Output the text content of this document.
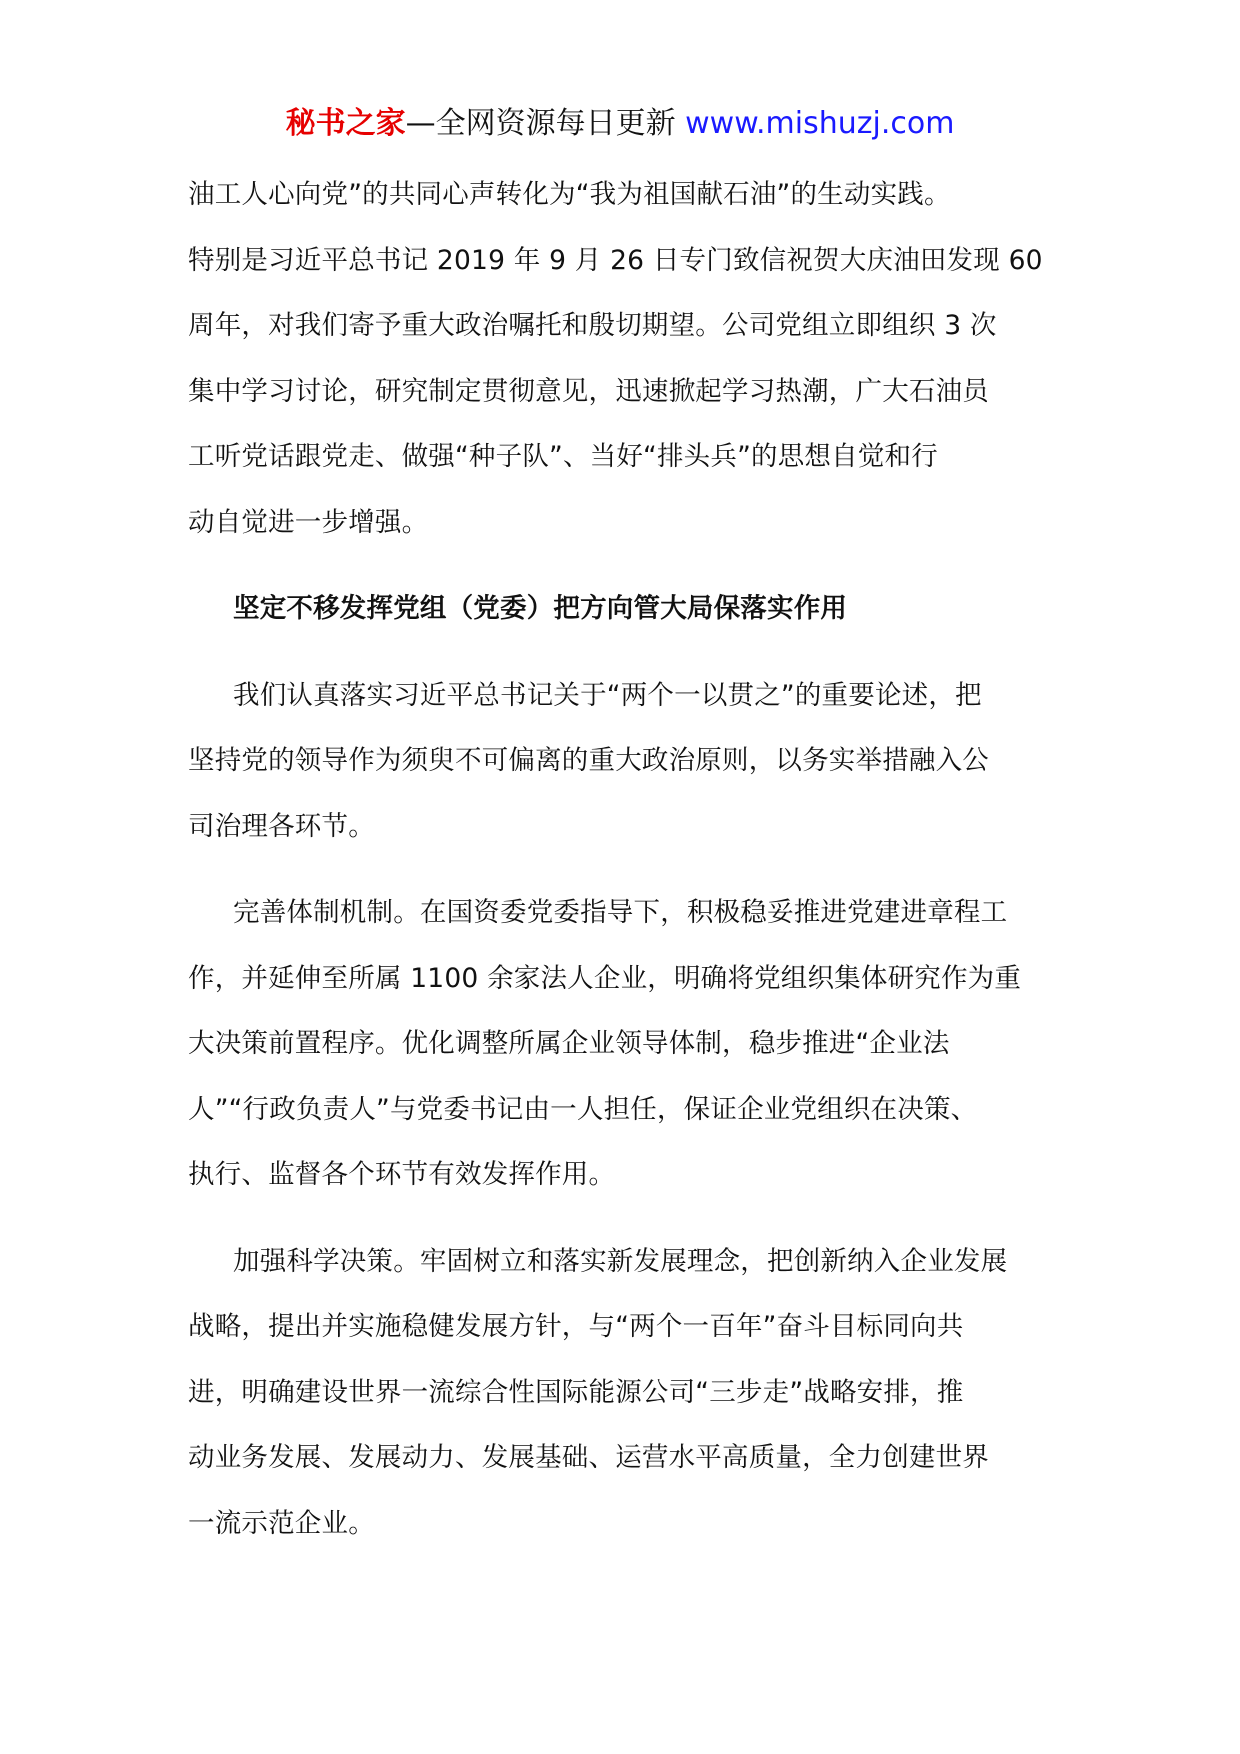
秘书之家—全网资源每日更新 www.mishuzj.com

油工人心向党”的共同心声转化为“我为祖国献石油”的生动实践。
特别是习近平总书记 2019 年 9 月 26 日专门致信祝贺大庆油田发现 60
周年，对我们寄予重大政治嘱托和殷切期望。公司党组立即组织 3 次
集中学习讨论，研究制定贯彻意见，迅速掀起学习热潮，广大石油员
工听党话跟党走、做强“种子队”、当好“排头兵”的思想自觉和行
动自觉进一步增强。

坚定不移发挥党组（党委）把方向管大局保落实作用

我们认真落实习近平总书记关于“两个一以贯之”的重要论述，把
坚持党的领导作为须臾不可偏离的重大政治原则，以务实举措融入公
司治理各环节。

完善体制机制。在国资委党委指导下，积极稳妥推进党建进章程工
作，并延伸至所属 1100 余家法人企业，明确将党组织集体研究作为重
大决策前置程序。优化调整所属企业领导体制，稳步推进“企业法
人”“行政负责人”与党委书记由一人担任，保证企业党组织在决策、
执行、监督各个环节有效发挥作用。

加强科学决策。牢固树立和落实新发展理念，把创新纳入企业发展
战略，提出并实施稳健发展方针，与“两个一百年”奋斗目标同向共
进，明确建设世界一流综合性国际能源公司“三步走”战略安排，推
动业务发展、发展动力、发展基础、运营水平高质量，全力创建世界
一流示范企业。
